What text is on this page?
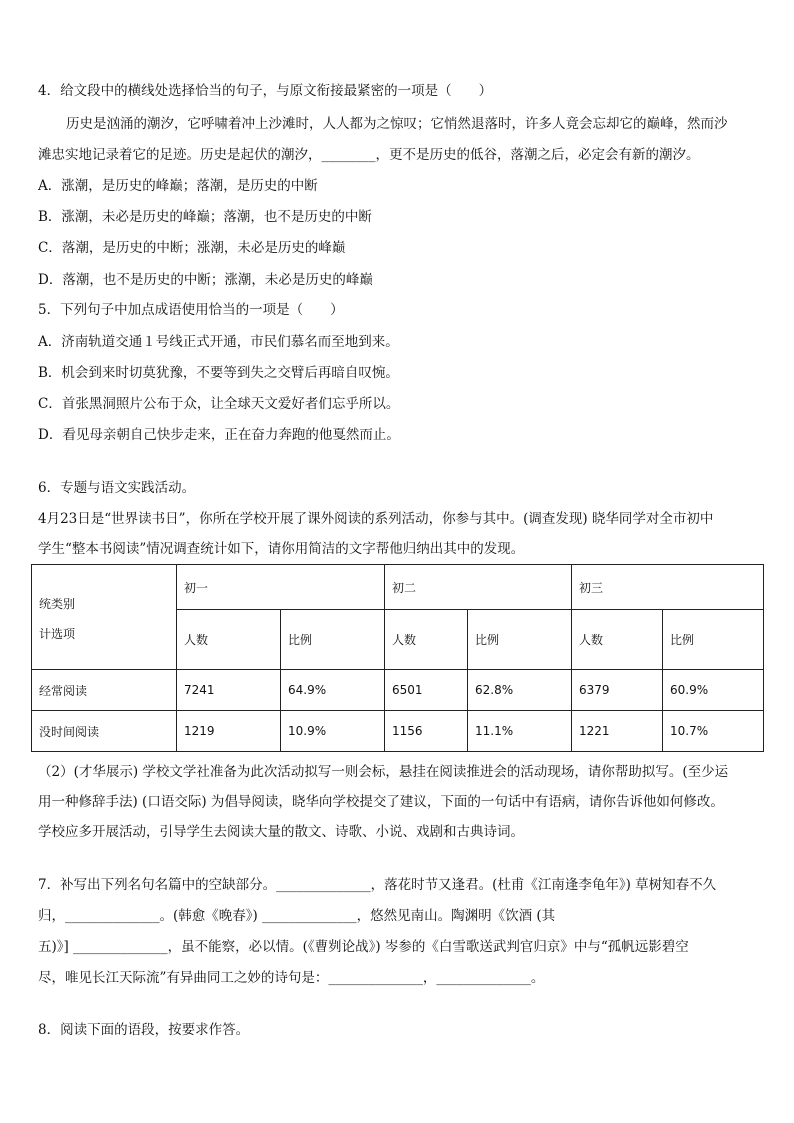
4．给文段中的横线处选择恰当的句子，与原文衔接最紧密的一项是（　　）
历史是汹涌的潮汐，它呼啸着冲上沙滩时，人人都为之惊叹；它悄然退落时，许多人竟会忘却它的巅峰，然而沙
滩忠实地记录着它的足迹。历史是起伏的潮汐，________，更不是历史的低谷，落潮之后，必定会有新的潮汐。
A．涨潮，是历史的峰巅；落潮，是历史的中断
B．涨潮，未必是历史的峰巅；落潮，也不是历史的中断
C．落潮，是历史的中断；涨潮，未必是历史的峰巅
D．落潮，也不是历史的中断；涨潮，未必是历史的峰巅
5．下列句子中加点成语使用恰当的一项是（　　）
A．济南轨道交通１号线正式开通，市民们慕名而至地到来。
B．机会到来时切莫犹豫，不要等到失之交臂后再暗自叹惋。
C．首张黑洞照片公布于众，让全球天文爱好者们忘乎所以。
D．看见母亲朝自己快步走来，正在奋力奔跑的他戛然而止。
6．专题与语文实践活动。
4月23日是“世界读书日”，你所在学校开展了课外阅读的系列活动，你参与其中。(调查发现) 晓华同学对全市初中
学生“整本书阅读”情况调查统计如下，请你用简洁的文字帮他归纳出其中的发现。
统类别
计选项	初一		初二		初三	
	人数	比例	人数	比例	人数	比例
经常阅读	7241	64.9%	6501	62.8%	6379	60.9%
没时间阅读	1219	10.9%	1156	11.1%	1221	10.7%
（2）(才华展示) 学校文学社准备为此次活动拟写一则会标，悬挂在阅读推进会的活动现场，请你帮助拟写。(至少运
用一种修辞手法) (口语交际) 为倡导阅读，晓华向学校提交了建议，下面的一句话中有语病，请你告诉他如何修改。
学校应多开展活动，引导学生去阅读大量的散文、诗歌、小说、戏剧和古典诗词。
7．补写出下列名句名篇中的空缺部分。______________，落花时节又逢君。(杜甫《江南逢李龟年》) 草树知春不久
归，______________。(韩愈《晚春》) ______________，悠然见南山。陶渊明《饮酒 (其
五)》] ______________，虽不能察，必以情。(《曹刿论战》) 岑参的《白雪歌送武判官归京》中与“孤帆远影碧空
尽，唯见长江天际流”有异曲同工之妙的诗句是：______________，______________。
8．阅读下面的语段，按要求作答。
